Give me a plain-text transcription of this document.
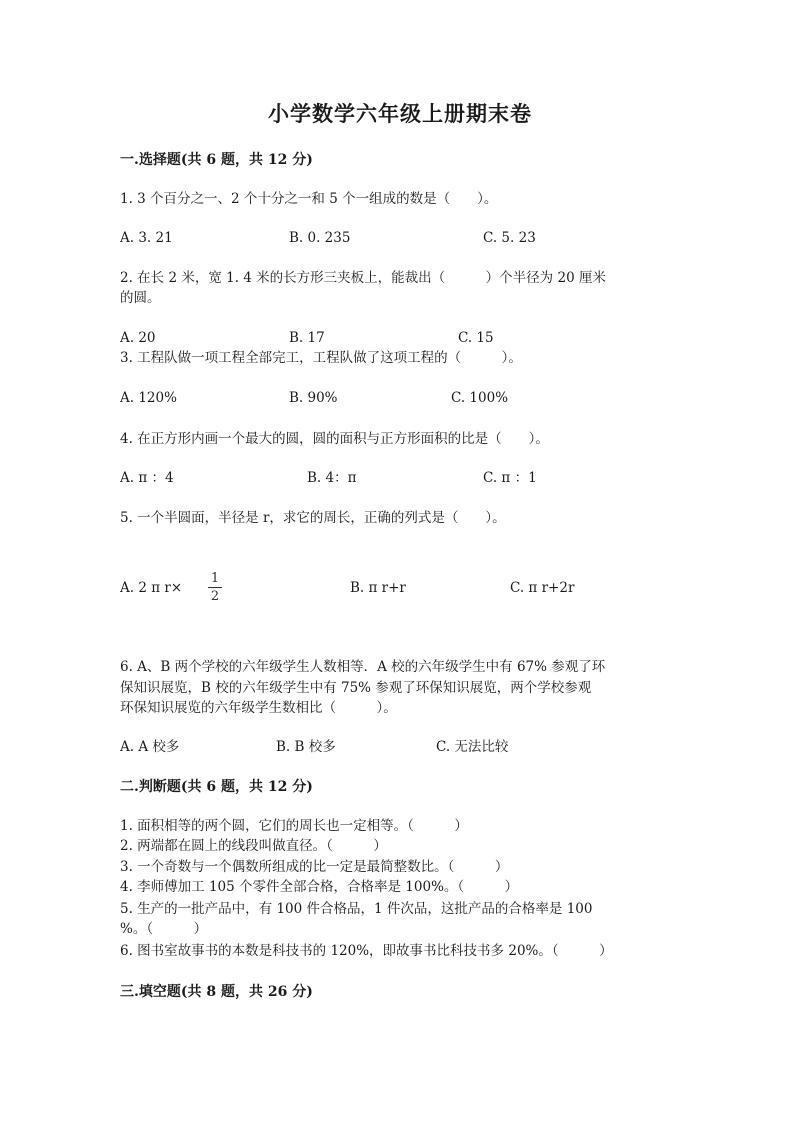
小学数学六年级上册期末卷
一.选择题(共 6 题，共 12 分)
1. 3 个百分之一、2 个十分之一和 5 个一组成的数是（　　）。
A. 3. 21	B. 0. 235	C. 5. 23
2. 在长 2 米，宽 1. 4 米的长方形三夹板上，能裁出（　　　）个半径为 20 厘米
的圆。
A. 20	B. 17	C. 15
3. 工程队做一项工程全部完工，工程队做了这项工程的（　　　）。
A. 120%	B. 90%	C. 100%
4. 在正方形内画一个最大的圆，圆的面积与正方形面积的比是（　　）。
A. π ：4	B. 4：π	C. π ：1
5. 一个半圆面，半径是 r，求它的周长，正确的列式是（　　）。
A. 2 π r×
1
2
B. π r+r	C. π r+2r
6. A、B 两个学校的六年级学生人数相等．A 校的六年级学生中有 67% 参观了环
保知识展览，B 校的六年级学生中有 75% 参观了环保知识展览，两个学校参观
环保知识展览的六年级学生数相比（　　　）。
A. A 校多	B. B 校多	C. 无法比较
二.判断题(共 6 题，共 12 分)
1. 面积相等的两个圆，它们的周长也一定相等。（　　　）
2. 两端都在圆上的线段叫做直径。（　　　）
3. 一个奇数与一个偶数所组成的比一定是最简整数比。（　　　）
4. 李师傅加工 105 个零件全部合格，合格率是 100%。（　　　）
5. 生产的一批产品中，有 100 件合格品，1 件次品，这批产品的合格率是 100
%。（　　　）
6. 图书室故事书的本数是科技书的 120%，即故事书比科技书多 20%。（　　　）
三.填空题(共 8 题，共 26 分)
